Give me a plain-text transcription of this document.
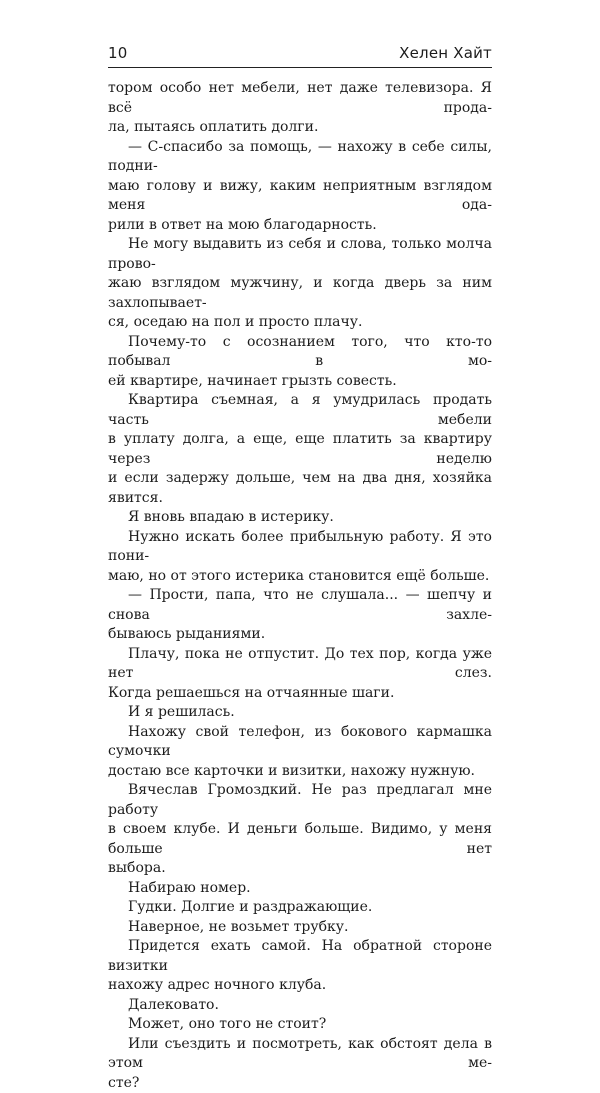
10	Хелен Хайт
тором особо нет мебели, нет даже телевизора. Я всё прода-
ла, пытаясь оплатить долги.
— С-спасибо за помощь, — нахожу в себе силы, подни-
маю голову и вижу, каким неприятным взглядом меня ода-
рили в ответ на мою благодарность.
Не могу выдавить из себя и слова, только молча прово-
жаю взглядом мужчину, и когда дверь за ним захлопывает-
ся, оседаю на пол и просто плачу.
Почему-то с осознанием того, что кто-то побывал в мо-
ей квартире, начинает грызть совесть.
Квартира съемная, а я умудрилась продать часть мебели
в уплату долга, а еще, еще платить за квартиру через неделю
и если задержу дольше, чем на два дня, хозяйка явится.
Я вновь впадаю в истерику.
Нужно искать более прибыльную работу. Я это пони-
маю, но от этого истерика становится ещё больше.
— Прости, папа, что не слушала... — шепчу и снова захле-
бываюсь рыданиями.
Плачу, пока не отпустит. До тех пор, когда уже нет слез.
Когда решаешься на отчаянные шаги.
И я решилась.
Нахожу свой телефон, из бокового кармашка сумочки
достаю все карточки и визитки, нахожу нужную.
Вячеслав Громоздкий. Не раз предлагал мне работу
в своем клубе. И деньги больше. Видимо, у меня больше нет
выбора.
Набираю номер.
Гудки. Долгие и раздражающие.
Наверное, не возьмет трубку.
Придется ехать самой. На обратной стороне визитки
нахожу адрес ночного клуба.
Далековато.
Может, оно того не стоит?
Или съездить и посмотреть, как обстоят дела в этом ме-
сте?
